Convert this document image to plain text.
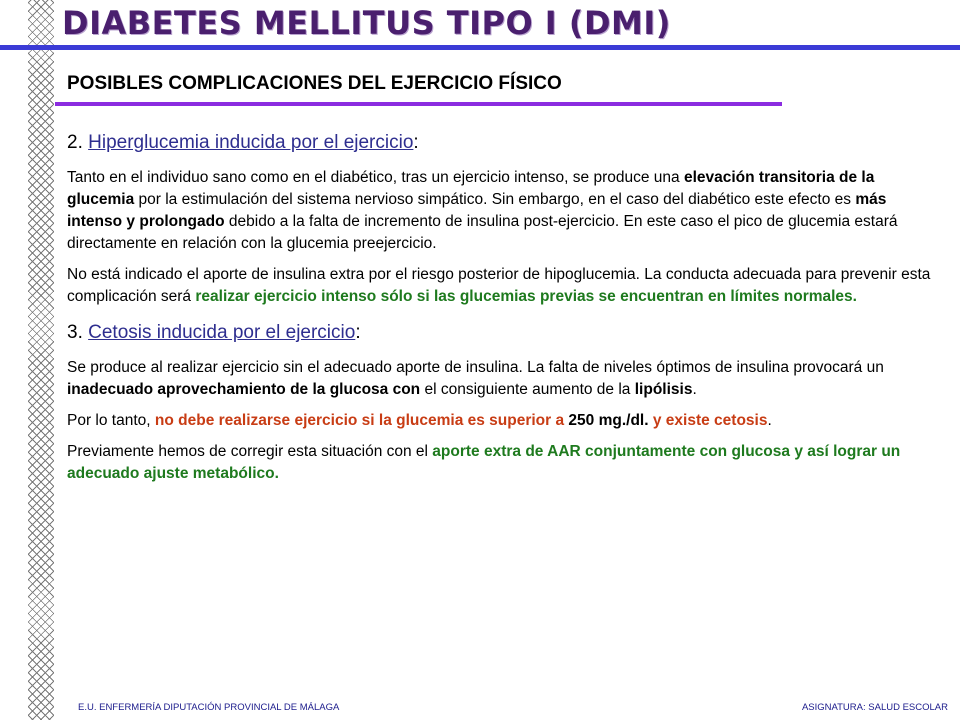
DIABETES MELLITUS TIPO I (DMI)
POSIBLES COMPLICACIONES DEL EJERCICIO FÍSICO
2. Hiperglucemia inducida por el ejercicio:

Tanto en el individuo sano como en el diabético, tras un ejercicio intenso, se produce una elevación transitoria de la glucemia por la estimulación del sistema nervioso simpático. Sin embargo, en el caso del diabético este efecto es más intenso y prolongado debido a la falta de incremento de insulina post-ejercicio. En este caso el pico de glucemia estará directamente en relación con la glucemia preejercicio.

No está indicado el aporte de insulina extra por el riesgo posterior de hipoglucemia. La conducta adecuada para prevenir esta complicación será realizar ejercicio intenso sólo si las glucemias previas se encuentran en límites normales.

3. Cetosis inducida por el ejercicio:

Se produce al realizar ejercicio sin el adecuado aporte de insulina. La falta de niveles óptimos de insulina provocará un inadecuado aprovechamiento de la glucosa con el consiguiente aumento de la lipólisis.

Por lo tanto, no debe realizarse ejercicio si la glucemia es superior a 250 mg./dl. y existe cetosis.

Previamente hemos de corregir esta situación con el aporte extra de AAR conjuntamente con glucosa y así lograr un adecuado ajuste metabólico.

E.U. ENFERMERÍA DIPUTACIÓN PROVINCIAL DE MÁLAGA	ASIGNATURA: SALUD ESCOLAR
